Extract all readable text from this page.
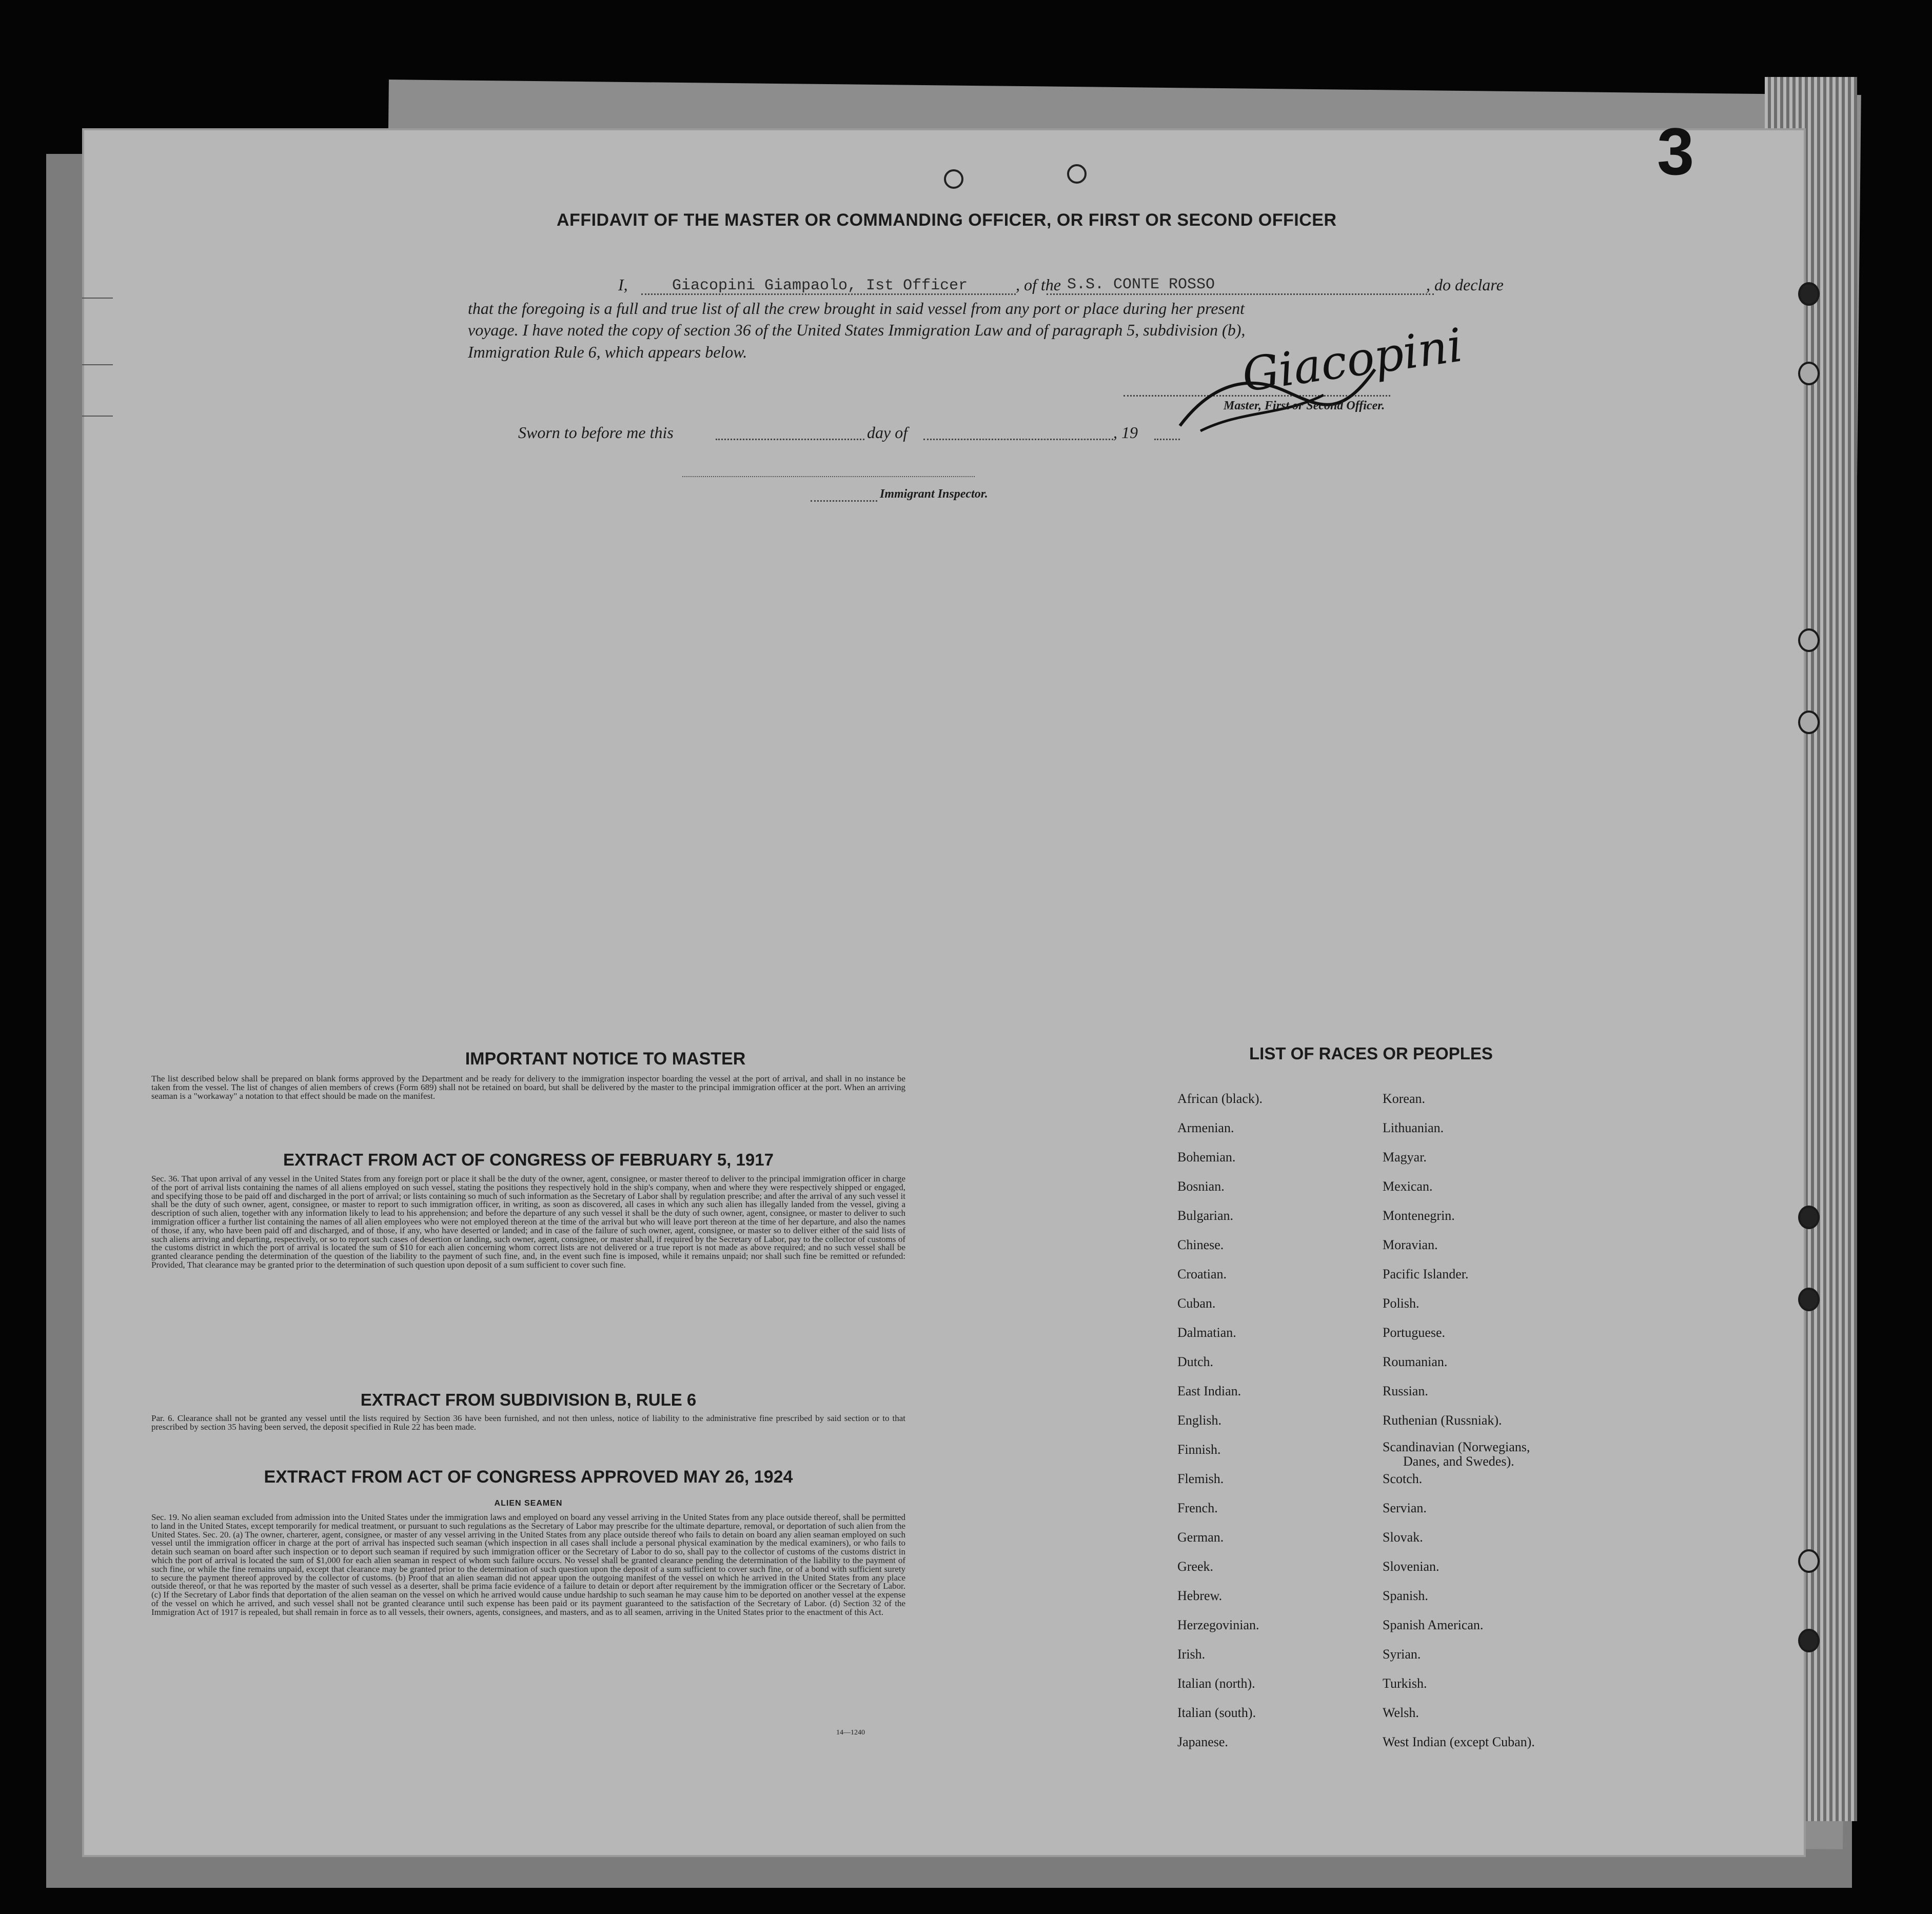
3
AFFIDAVIT OF THE MASTER OR COMMANDING OFFICER, OR FIRST OR SECOND OFFICER
I,	Giacopini Giampaolo, Ist Officer	, of the S.S. CONTE ROSSO	, do declare
that the foregoing is a full and true list of all the crew brought in said vessel from any port or place during her present
voyage. I have noted the copy of section 36 of the United States Immigration Law and of paragraph 5, subdivision (b),
Immigration Rule 6, which appears below.	Giacopini
Master, First or Second Officer.
Sworn to before me this	day of	, 19
Immigrant Inspector.
IMPORTANT NOTICE TO MASTER
The list described below shall be prepared on blank forms approved by the Department and be ready for delivery to the immigration inspector boarding the vessel at the port of arrival, and shall in no instance be taken from the vessel. The list of changes of alien members of crews (Form 689) shall not be retained on board, but shall be delivered by the master to the principal immigration officer at the port. When an arriving seaman is a "workaway" a notation to that effect should be made on the manifest.
EXTRACT FROM ACT OF CONGRESS OF FEBRUARY 5, 1917
Sec. 36. That upon arrival of any vessel in the United States from any foreign port or place it shall be the duty of the owner, agent, consignee, or master thereof to deliver to the principal immigration officer in charge of the port of arrival lists containing the names of all aliens employed on such vessel, stating the positions they respectively hold in the ship's company, when and where they were respectively shipped or engaged, and specifying those to be paid off and discharged in the port of arrival; or lists containing so much of such information as the Secretary of Labor shall by regulation prescribe; and after the arrival of any such vessel it shall be the duty of such owner, agent, consignee, or master to report to such immigration officer, in writing, as soon as discovered, all cases in which any such alien has illegally landed from the vessel, giving a description of such alien, together with any information likely to lead to his apprehension; and before the departure of any such vessel it shall be the duty of such owner, agent, consignee, or master to deliver to such immigration officer a further list containing the names of all alien employees who were not employed thereon at the time of the arrival but who will leave port thereon at the time of her departure, and also the names of those, if any, who have been paid off and discharged, and of those, if any, who have deserted or landed; and in case of the failure of such owner, agent, consignee, or master so to deliver either of the said lists of such aliens arriving and departing, respectively, or so to report such cases of desertion or landing, such owner, agent, consignee, or master shall, if required by the Secretary of Labor, pay to the collector of customs of the customs district in which the port of arrival is located the sum of $10 for each alien concerning whom correct lists are not delivered or a true report is not made as above required; and no such vessel shall be granted clearance pending the determination of the question of the liability to the payment of such fine, and, in the event such fine is imposed, while it remains unpaid; nor shall such fine be remitted or refunded: Provided, That clearance may be granted prior to the determination of such question upon deposit of a sum sufficient to cover such fine.
EXTRACT FROM SUBDIVISION B, RULE 6
Par. 6. Clearance shall not be granted any vessel until the lists required by Section 36 have been furnished, and not then unless, notice of liability to the administrative fine prescribed by said section or to that prescribed by section 35 having been served, the deposit specified in Rule 22 has been made.
EXTRACT FROM ACT OF CONGRESS APPROVED MAY 26, 1924
ALIEN SEAMEN
Sec. 19. No alien seaman excluded from admission into the United States under the immigration laws and employed on board any vessel arriving in the United States from any place outside thereof, shall be permitted to land in the United States, except temporarily for medical treatment, or pursuant to such regulations as the Secretary of Labor may prescribe for the ultimate departure, removal, or deportation of such alien from the United States. Sec. 20. (a) The owner, charterer, agent, consignee, or master of any vessel arriving in the United States from any place outside thereof who fails to detain on board any alien seaman employed on such vessel until the immigration officer in charge at the port of arrival has inspected such seaman (which inspection in all cases shall include a personal physical examination by the medical examiners), or who fails to detain such seaman on board after such inspection or to deport such seaman if required by such immigration officer or the Secretary of Labor to do so, shall pay to the collector of customs of the customs district in which the port of arrival is located the sum of $1,000 for each alien seaman in respect of whom such failure occurs. No vessel shall be granted clearance pending the determination of the liability to the payment of such fine, or while the fine remains unpaid, except that clearance may be granted prior to the determination of such question upon the deposit of a sum sufficient to cover such fine, or of a bond with sufficient surety to secure the payment thereof approved by the collector of customs. (b) Proof that an alien seaman did not appear upon the outgoing manifest of the vessel on which he arrived in the United States from any place outside thereof, or that he was reported by the master of such vessel as a deserter, shall be prima facie evidence of a failure to detain or deport after requirement by the immigration officer or the Secretary of Labor. (c) If the Secretary of Labor finds that deportation of the alien seaman on the vessel on which he arrived would cause undue hardship to such seaman he may cause him to be deported on another vessel at the expense of the vessel on which he arrived, and such vessel shall not be granted clearance until such expense has been paid or its payment guaranteed to the satisfaction of the Secretary of Labor. (d) Section 32 of the Immigration Act of 1917 is repealed, but shall remain in force as to all vessels, their owners, agents, consignees, and masters, and as to all seamen, arriving in the United States prior to the enactment of this Act.
14—1240
LIST OF RACES OR PEOPLES
African (black).
Armenian.
Bohemian.
Bosnian.
Bulgarian.
Chinese.
Croatian.
Cuban.
Dalmatian.
Dutch.
East Indian.
English.
Finnish.
Flemish.
French.
German.
Greek.
Hebrew.
Herzegovinian.
Irish.
Italian (north).
Italian (south).
Japanese.
Korean.
Lithuanian.
Magyar.
Mexican.
Montenegrin.
Moravian.
Pacific Islander.
Polish.
Portuguese.
Roumanian.
Russian.
Ruthenian (Russniak).
Scandinavian (Norwegians,
Danes, and Swedes).
Scotch.
Servian.
Slovak.
Slovenian.
Spanish.
Spanish American.
Syrian.
Turkish.
Welsh.
West Indian (except Cuban).
